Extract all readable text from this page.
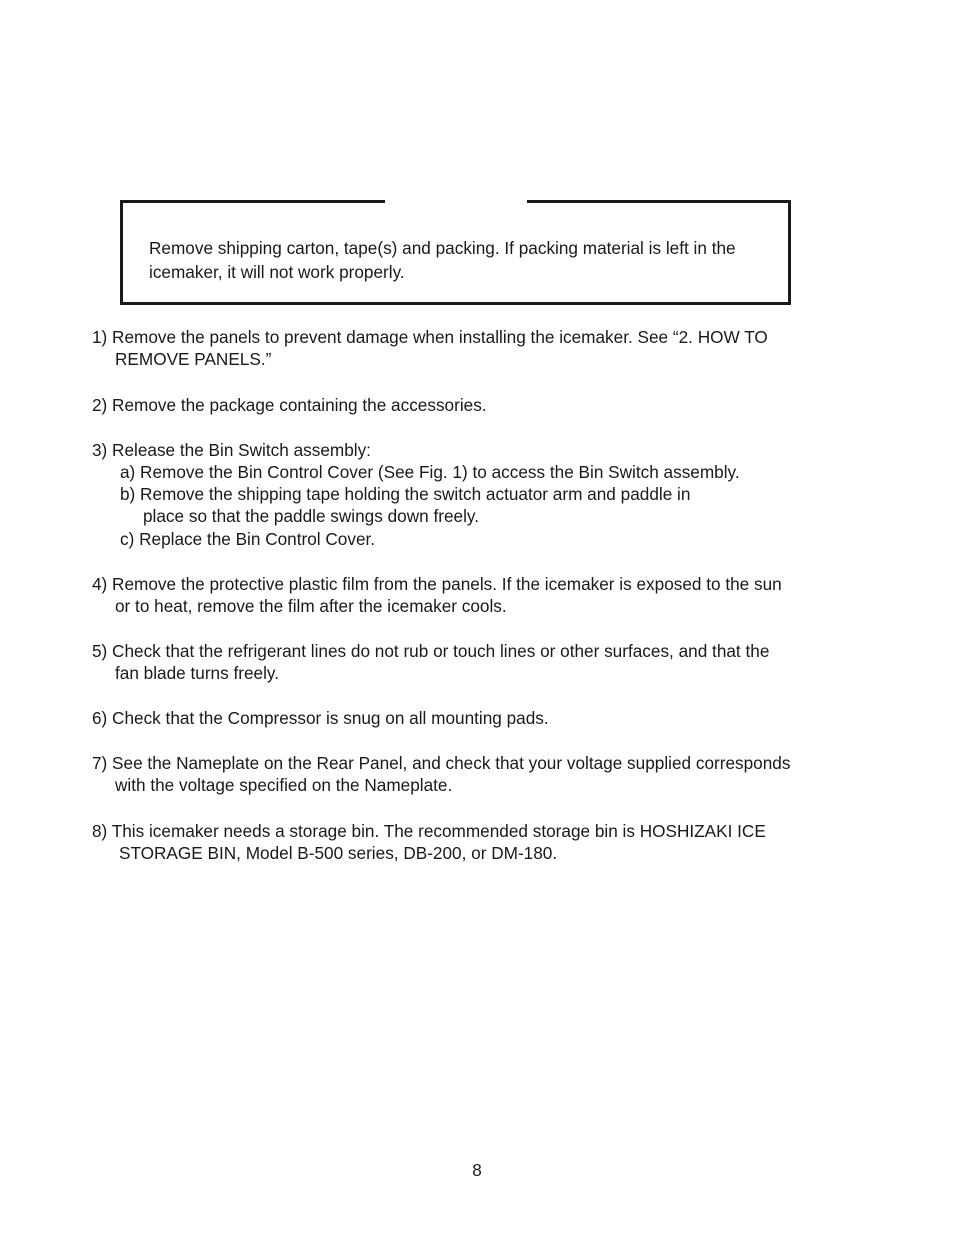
Remove shipping carton, tape(s) and packing. If packing material is left in the
icemaker, it will not work properly.

1) Remove the panels to prevent damage when installing the icemaker. See “2. HOW TO
REMOVE PANELS.”

2) Remove the package containing the accessories.

3) Release the Bin Switch assembly:

a) Remove the Bin Control Cover (See Fig. 1) to access the Bin Switch assembly.

b) Remove the shipping tape holding the switch actuator arm and paddle in
place so that the paddle swings down freely.

c) Replace the Bin Control Cover.

4) Remove the protective plastic film from the panels. If the icemaker is exposed to the sun
or to heat, remove the film after the icemaker cools.

5) Check that the refrigerant lines do not rub or touch lines or other surfaces, and that the
fan blade turns freely.

6) Check that the Compressor is snug on all mounting pads.

7) See the Nameplate on the Rear Panel, and check that your voltage supplied corresponds
with the voltage specified on the Nameplate.

8) This icemaker needs a storage bin. The recommended storage bin is HOSHIZAKI ICE
STORAGE BIN, Model B-500 series, DB-200, or DM-180.

8
